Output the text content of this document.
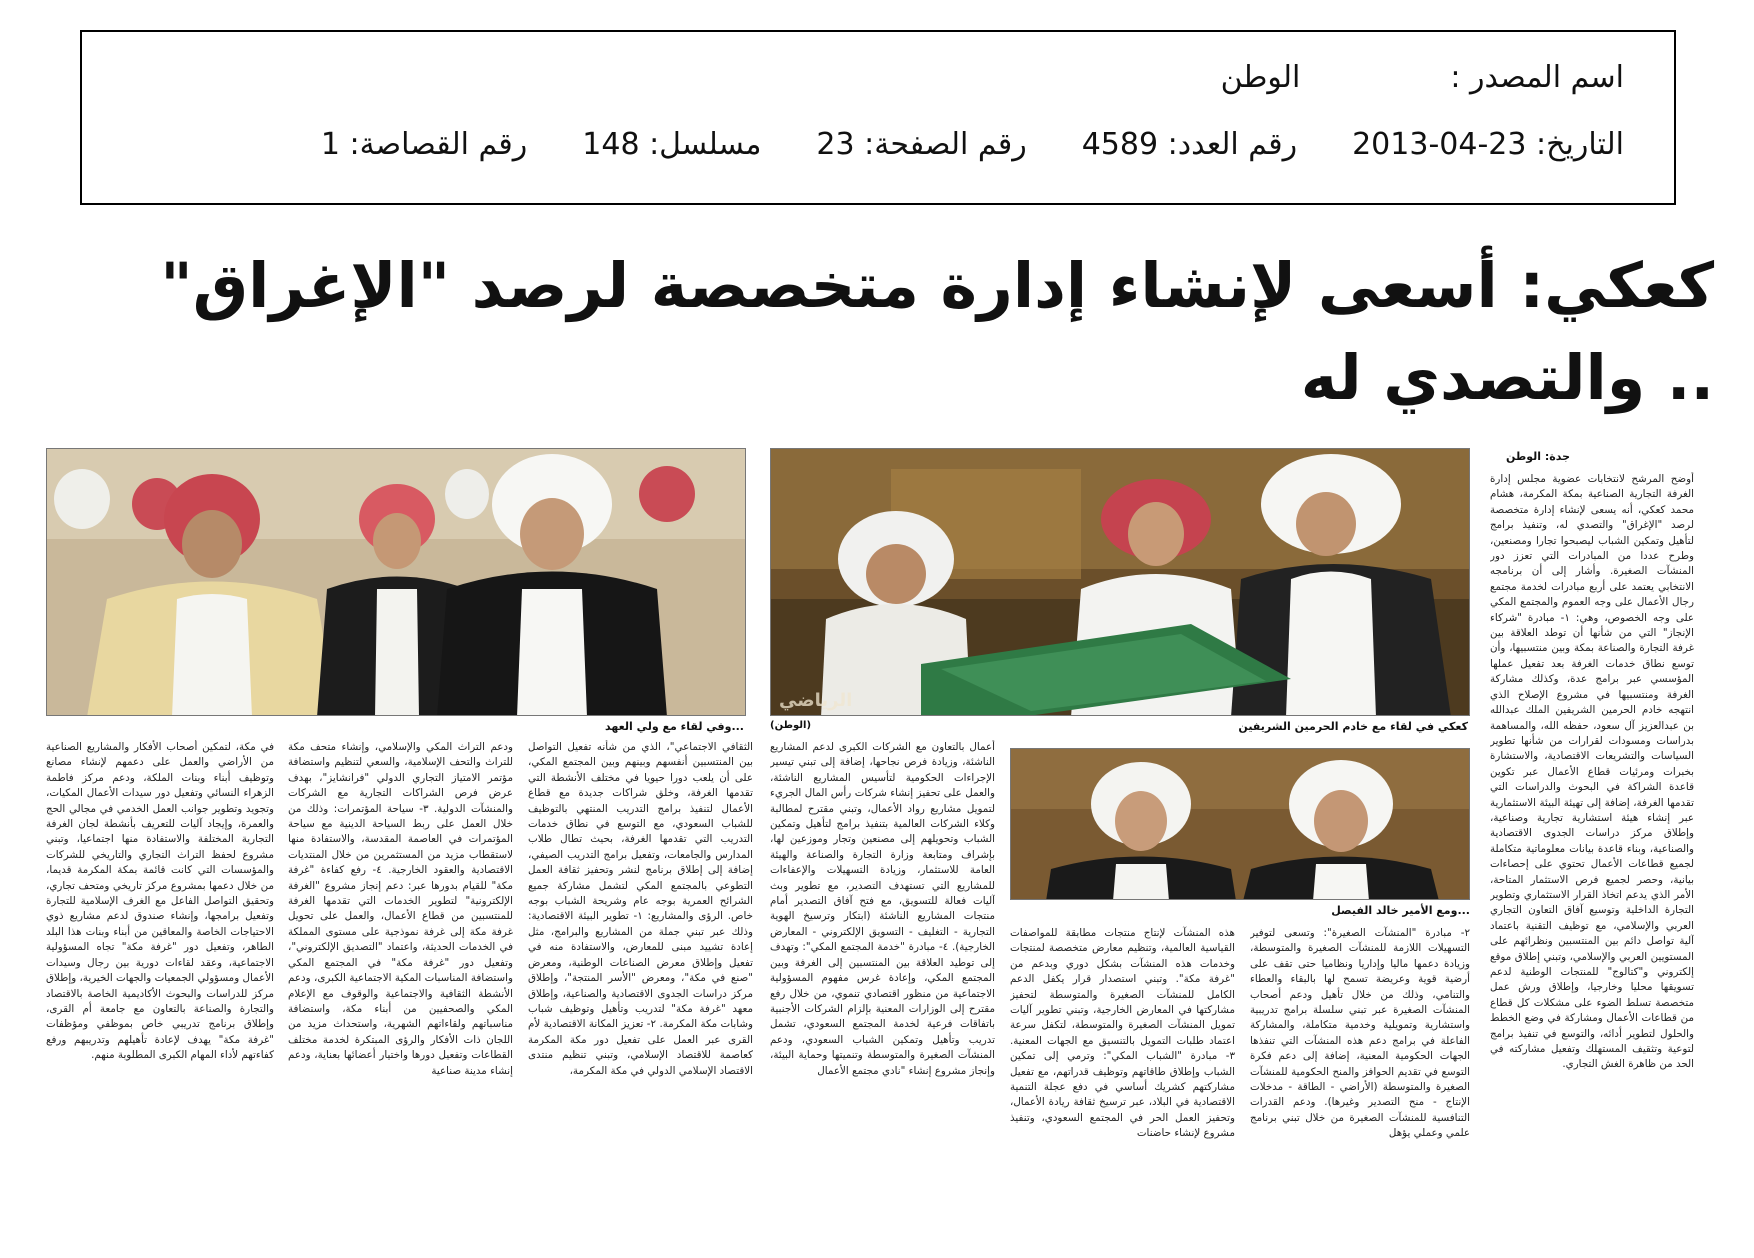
اسم المصدر :
الوطن
التاريخ: 23-04-2013
رقم العدد: 4589
رقم الصفحة: 23
مسلسل: 148
رقم القصاصة: 1
كعكي: أسعى لإنشاء إدارة متخصصة لرصد "الإغراق"
.. والتصدي له
الرياضي
كعكي في لقاء مع خادم الحرمين الشريفين
(الوطن)
...وفي لقاء مع ولي العهد
...ومع الأمير خالد الفيصل
جدة: الوطن
أوضح المرشح لانتخابات عضوية مجلس إدارة الغرفة التجارية الصناعية بمكة المكرمة، هشام محمد كعكي، أنه يسعى لإنشاء إدارة متخصصة لرصد "الإغراق" والتصدي له، وتنفيذ برامج لتأهيل وتمكين الشباب ليصبحوا تجارا ومصنعين، وطرح عددا من المبادرات التي تعزز دور المنشآت الصغيرة. وأشار إلى أن برنامجه الانتخابي يعتمد على أربع مبادرات لخدمة مجتمع رجال الأعمال على وجه العموم والمجتمع المكي على وجه الخصوص، وهي: ١- مبادرة "شركاء الإنجاز" التي من شأنها أن توطد العلاقة بين غرفة التجارة والصناعة بمكة وبين منتسبيها، وأن توسع نطاق خدمات الغرفة بعد تفعيل عملها المؤسسي عبر برامج عدة، وكذلك مشاركة الغرفة ومنتسبيها في مشروع الإصلاح الذي انتهجه خادم الحرمين الشريفين الملك عبدالله بن عبدالعزيز آل سعود، حفظه الله، والمساهمة بدراسات ومسودات لقرارات من شأنها تطوير السياسات والتشريعات الاقتصادية، والاستشارة بخبرات ومرئيات قطاع الأعمال عبر تكوين قاعدة الشراكة في البحوث والدراسات التي تقدمها الغرفة، إضافة إلى تهيئة البيئة الاستثمارية عبر إنشاء هيئة استشارية تجارية وصناعية، وإطلاق مركز دراسات الجدوى الاقتصادية والصناعية، وبناء قاعدة بيانات معلوماتية متكاملة لجميع قطاعات الأعمال تحتوي على إحصاءات بيانية، وحصر لجميع فرص الاستثمار المتاحة، الأمر الذي يدعم اتخاذ القرار الاستثماري وتطوير التجارة الداخلية وتوسيع آفاق التعاون التجاري العربي والإسلامي، مع توظيف التقنية باعتماد آلية تواصل دائم بين المنتسبين ونظرائهم على المستويين العربي والإسلامي، وتبني إطلاق موقع إلكتروني و"كتالوج" للمنتجات الوطنية لدعم تسويقها محليا وخارجيا، وإطلاق ورش عمل متخصصة تسلط الضوء على مشكلات كل قطاع من قطاعات الأعمال ومشاركة في وضع الخطط والحلول لتطوير أدائه، والتوسع في تنفيذ برامج لتوعية وتثقيف المستهلك وتفعيل مشاركته في الحد من ظاهرة الغش التجاري.
٢- مبادرة "المنشآت الصغيرة": وتسعى لتوفير التسهيلات اللازمة للمنشآت الصغيرة والمتوسطة، وزيادة دعمها ماليا وإداريا ونظاميا حتى تقف على أرضية قوية وعريضة تسمح لها بالبقاء والعطاء والتنامي، وذلك من خلال تأهيل ودعم أصحاب المنشآت الصغيرة عبر تبني سلسلة برامج تدريبية واستشارية وتمويلية وخدمية متكاملة، والمشاركة الفاعلة في برامج دعم هذه المنشآت التي تنفذها الجهات الحكومية المعنية، إضافة إلى دعم فكرة التوسع في تقديم الحوافز والمنح الحكومية للمنشآت الصغيرة والمتوسطة (الأراضي - الطاقة - مدخلات الإنتاج - منح التصدير وغيرها). ودعم القدرات التنافسية للمنشآت الصغيرة من خلال تبني برنامج علمي وعملي يؤهل
هذه المنشآت لإنتاج منتجات مطابقة للمواصفات القياسية العالمية، وتنظيم معارض متخصصة لمنتجات وخدمات هذه المنشآت بشكل دوري وبدعم من "غرفة مكة". وتبني استصدار قرار يكفل الدعم الكامل للمنشآت الصغيرة والمتوسطة لتحفيز مشاركتها في المعارض الخارجية، وتبني تطوير آليات تمويل المنشآت الصغيرة والمتوسطة، لتكفل سرعة اعتماد طلبات التمويل بالتنسيق مع الجهات المعنية. ٣- مبادرة "الشباب المكي": وترمي إلى تمكين الشباب وإطلاق طاقاتهم وتوظيف قدراتهم، مع تفعيل مشاركتهم كشريك أساسي في دفع عجلة التنمية الاقتصادية في البلاد، عبر ترسيخ ثقافة ريادة الأعمال، وتحفيز العمل الحر في المجتمع السعودي، وتنفيذ مشروع لإنشاء حاضنات
أعمال بالتعاون مع الشركات الكبرى لدعم المشاريع الناشئة، وزيادة فرص نجاحها، إضافة إلى تبني تيسير الإجراءات الحكومية لتأسيس المشاريع الناشئة، والعمل على تحفيز إنشاء شركات رأس المال الجريء لتمويل مشاريع رواد الأعمال، وتبني مقترح لمطالبة وكلاء الشركات العالمية بتنفيذ برامج لتأهيل وتمكين الشباب وتحويلهم إلى مصنعين وتجار وموزعين لها، بإشراف ومتابعة وزارة التجارة والصناعة والهيئة العامة للاستثمار، وزيادة التسهيلات والإعفاءات للمشاريع التي تستهدف التصدير، مع تطوير وبث آليات فعالة للتسويق، مع فتح آفاق التصدير أمام منتجات المشاريع الناشئة (ابتكار وترسيخ الهوية التجارية - التغليف - التسويق الإلكتروني - المعارض الخارجية). ٤- مبادرة "خدمة المجتمع المكي": وتهدف إلى توطيد العلاقة بين المنتسبين إلى الغرفة وبين المجتمع المكي، وإعادة غرس مفهوم المسؤولية الاجتماعية من منظور اقتصادي تنموي، من خلال رفع مقترح إلى الوزارات المعنية بإلزام الشركات الأجنبية باتفاقات فرعية لخدمة المجتمع السعودي، تشمل تدريب وتأهيل وتمكين الشباب السعودي، ودعم المنشآت الصغيرة والمتوسطة وتنميتها وحماية البيئة، وإنجاز مشروع إنشاء "نادي مجتمع الأعمال
الثقافي الاجتماعي"، الذي من شأنه تفعيل التواصل بين المنتسبين أنفسهم وبينهم وبين المجتمع المكي، على أن يلعب دورا حيويا في مختلف الأنشطة التي تقدمها الغرفة، وخلق شراكات جديدة مع قطاع الأعمال لتنفيذ برامج التدريب المنتهي بالتوظيف للشباب السعودي، مع التوسع في نطاق خدمات التدريب التي تقدمها الغرفة، بحيث تطال طلاب المدارس والجامعات، وتفعيل برامج التدريب الصيفي، إضافة إلى إطلاق برنامج لنشر وتحفيز ثقافة العمل التطوعي بالمجتمع المكي لتشمل مشاركة جميع الشرائح العمرية بوجه عام وشريحة الشباب بوجه خاص. الرؤى والمشاريع: ١- تطوير البيئة الاقتصادية: وذلك عبر تبني جملة من المشاريع والبرامج، مثل إعادة تشييد مبنى للمعارض، والاستفادة منه في تفعيل وإطلاق معرض الصناعات الوطنية، ومعرض "صنع في مكة"، ومعرض "الأسر المنتجة"، وإطلاق مركز دراسات الجدوى الاقتصادية والصناعية، وإطلاق معهد "غرفة مكة" لتدريب وتأهيل وتوظيف شباب وشابات مكة المكرمة. ٢- تعزيز المكانة الاقتصادية لأم القرى عبر العمل على تفعيل دور مكة المكرمة كعاصمة للاقتصاد الإسلامي، وتبني تنظيم منتدى الاقتصاد الإسلامي الدولي في مكة المكرمة،
ودعم التراث المكي والإسلامي، وإنشاء متحف مكة للتراث والتحف الإسلامية، والسعي لتنظيم واستضافة مؤتمر الامتياز التجاري الدولي "فرانشايز"، بهدف عرض فرص الشراكات التجارية مع الشركات والمنشآت الدولية. ٣- سياحة المؤتمرات: وذلك من خلال العمل على ربط السياحة الدينية مع سياحة المؤتمرات في العاصمة المقدسة، والاستفادة منها لاستقطاب مزيد من المستثمرين من خلال المنتديات الاقتصادية والعقود الخارجية. ٤- رفع كفاءة "غرفة مكة" للقيام بدورها عبر: دعم إنجاز مشروع "الغرفة الإلكترونية" لتطوير الخدمات التي تقدمها الغرفة للمنتسبين من قطاع الأعمال، والعمل على تحويل غرفة مكة إلى غرفة نموذجية على مستوى المملكة في الخدمات الحديثة، واعتماد "التصديق الإلكتروني"، وتفعيل دور "غرفة مكة" في المجتمع المكي واستضافة المناسبات المكية الاجتماعية الكبرى، ودعم الأنشطة الثقافية والاجتماعية والوقوف مع الإعلام المكي والصحفيين من أبناء مكة، واستضافة مناسباتهم ولقاءاتهم الشهرية، واستحداث مزيد من اللجان ذات الأفكار والرؤى المبتكرة لخدمة مختلف القطاعات وتفعيل دورها واختيار أعضائها بعناية، ودعم إنشاء مدينة صناعية
في مكة، لتمكين أصحاب الأفكار والمشاريع الصناعية من الأراضي والعمل على دعمهم لإنشاء مصانع وتوظيف أبناء وبنات الملكة، ودعم مركز فاطمة الزهراء النسائي وتفعيل دور سيدات الأعمال المكيات، وتجويد وتطوير جوانب العمل الخدمي في مجالي الحج والعمرة، وإيجاد آليات للتعريف بأنشطة لجان الغرفة التجارية المختلفة والاستفادة منها اجتماعيا، وتبني مشروع لحفظ التراث التجاري والتاريخي للشركات والمؤسسات التي كانت قائمة بمكة المكرمة قديما، من خلال دعمها بمشروع مركز تاريخي ومتحف تجاري، وتحقيق التواصل الفاعل مع الغرف الإسلامية للتجارة وتفعيل برامجها، وإنشاء صندوق لدعم مشاريع ذوي الاحتياجات الخاصة والمعاقين من أبناء وبنات هذا البلد الطاهر، وتفعيل دور "غرفة مكة" تجاه المسؤولية الاجتماعية، وعقد لقاءات دورية بين رجال وسيدات الأعمال ومسؤولي الجمعيات والجهات الخيرية، وإطلاق مركز للدراسات والبحوث الأكاديمية الخاصة بالاقتصاد والتجارة والصناعة بالتعاون مع جامعة أم القرى، وإطلاق برنامج تدريبي خاص بموظفي ومؤظفات "غرفة مكة" يهدف لإعادة تأهيلهم وتدريبهم ورفع كفاءتهم لأداء المهام الكبرى المطلوبة منهم.
